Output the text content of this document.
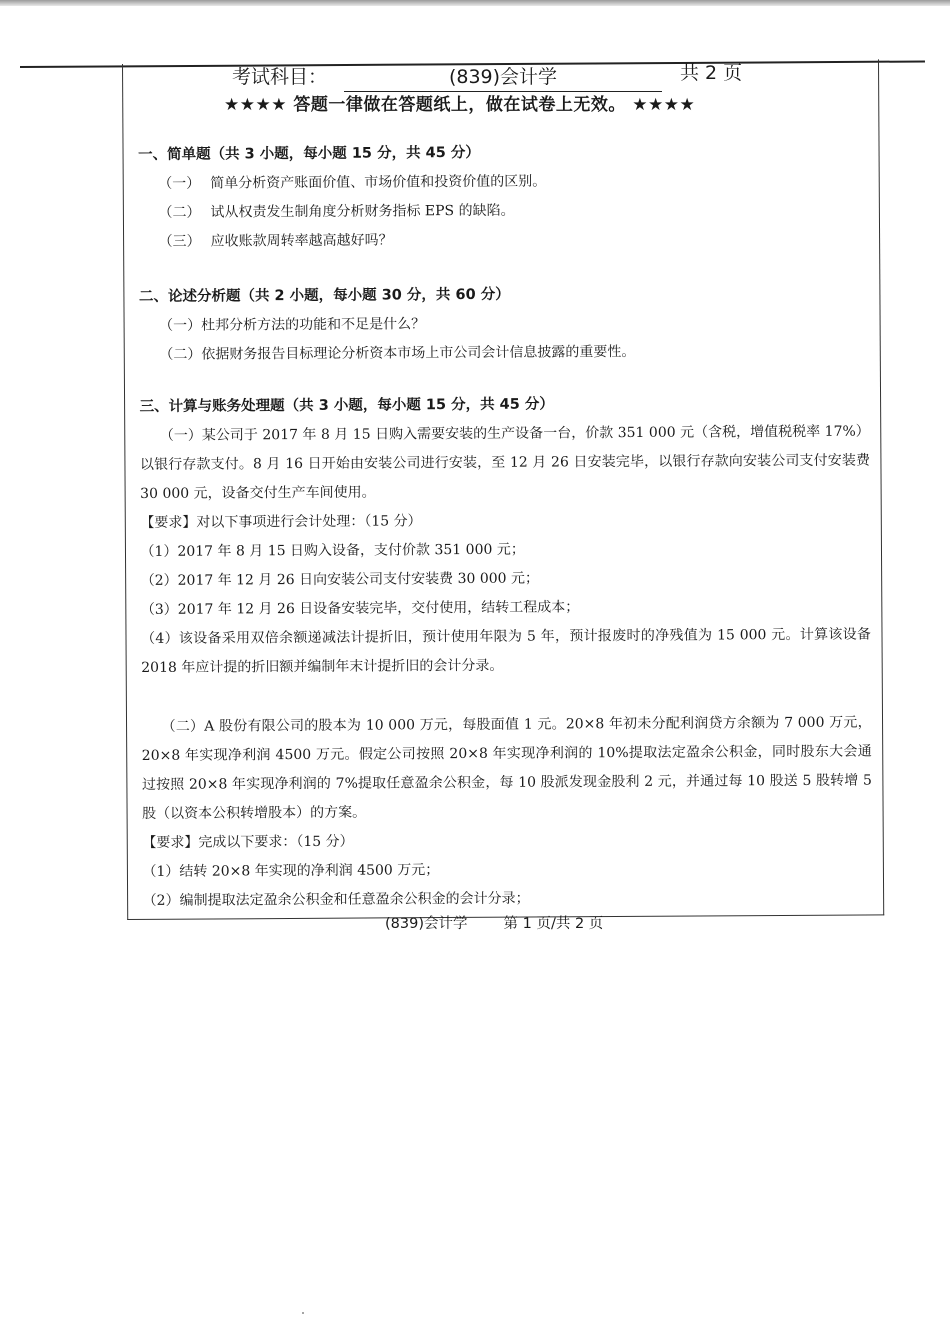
考试科目：	(839)会计学	共 2 页
★★★★ 答题一律做在答题纸上，做在试卷上无效。 ★★★★

一、简单题（共 3 小题，每小题 15 分，共 45 分）

（一） 简单分析资产账面价值、市场价值和投资价值的区别。

（二） 试从权责发生制角度分析财务指标 EPS 的缺陷。

（三） 应收账款周转率越高越好吗？

二、论述分析题（共 2 小题，每小题 30 分，共 60 分）

（一）杜邦分析方法的功能和不足是什么？

（二）依据财务报告目标理论分析资本市场上市公司会计信息披露的重要性。

三、计算与账务处理题（共 3 小题，每小题 15 分，共 45 分）

（一）某公司于 2017 年 8 月 15 日购入需要安装的生产设备一台，价款 351 000 元（含税，增值税税率 17%）以银行存款支付。8 月 16 日开始由安装公司进行安装，至 12 月 26 日安装完毕，以银行存款向安装公司支付安装费 30 000 元，设备交付生产车间使用。

【要求】对以下事项进行会计处理：（15 分）

（1）2017 年 8 月 15 日购入设备，支付价款 351 000 元；

（2）2017 年 12 月 26 日向安装公司支付安装费 30 000 元；

（3）2017 年 12 月 26 日设备安装完毕，交付使用，结转工程成本；

（4）该设备采用双倍余额递减法计提折旧，预计使用年限为 5 年，预计报废时的净残值为 15 000 元。计算该设备 2018 年应计提的折旧额并编制年末计提折旧的会计分录。

（二）A 股份有限公司的股本为 10 000 万元，每股面值 1 元。20×8 年初未分配利润贷方余额为 7 000 万元，20×8 年实现净利润 4500 万元。假定公司按照 20×8 年实现净利润的 10%提取法定盈余公积金，同时股东大会通过按照 20×8 年实现净利润的 7%提取任意盈余公积金，每 10 股派发现金股利 2 元，并通过每 10 股送 5 股转增 5 股（以资本公积转增股本）的方案。

【要求】完成以下要求：（15 分）

（1）结转 20×8 年实现的净利润 4500 万元；

（2）编制提取法定盈余公积金和任意盈余公积金的会计分录；

(839)会计学 第 1 页/共 2 页
